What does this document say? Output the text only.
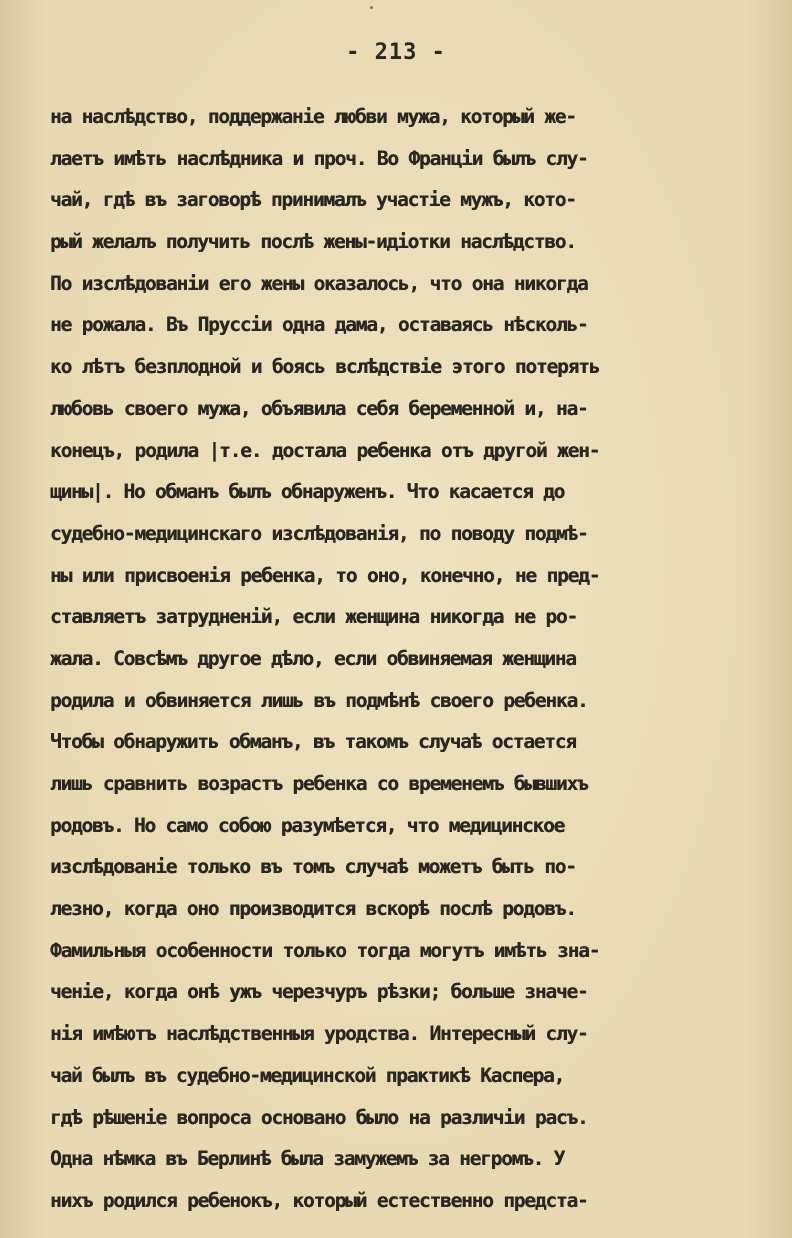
- 213 -
на наслѣдство, поддержанiе любви мужа, который же-
лаетъ имѣть наслѣдника и проч. Во Францiи былъ слу-
чай, гдѣ въ заговорѣ принималъ участiе мужъ, кото-
рый желалъ получить послѣ жены-идiотки наслѣдство.
По изслѣдованiи его жены оказалось, что она никогда
не рожала. Въ Пруссiи одна дама, оставаясь нѣсколь-
ко лѣтъ безплодной и боясь вслѣдствiе этого потерять
любовь своего мужа, объявила себя беременной и, на-
конецъ, родила |т.е. достала ребенка отъ другой жен-
щины|. Но обманъ былъ обнаруженъ. Что касается до
судебно-медицинскаго изслѣдованiя, по поводу подмѣ-
ны или присвоенiя ребенка, то оно, конечно, не пред-
ставляетъ затрудненiй, если женщина никогда не ро-
жала. Совсѣмъ другое дѣло, если обвиняемая женщина
родила и обвиняется лишь въ подмѣнѣ своего ребенка.
Чтобы обнаружить обманъ, въ такомъ случаѣ остается
лишь сравнить возрастъ ребенка со временемъ бывшихъ
родовъ. Но само собою разумѣется, что медицинское
изслѣдованiе только въ томъ случаѣ можетъ быть по-
лезно, когда оно производится вскорѣ послѣ родовъ.
Фамильныя особенности только тогда могутъ имѣть зна-
ченiе, когда онѣ ужъ черезчуръ рѣзки; больше значе-
нiя имѣютъ наслѣдственныя уродства. Интересный слу-
чай былъ въ судебно-медицинской практикѣ Каспера,
гдѣ рѣшенiе вопроса основано было на различiи расъ.
Одна нѣмка въ Берлинѣ была замужемъ за негромъ. У
нихъ родился ребенокъ, который естественно предста-
